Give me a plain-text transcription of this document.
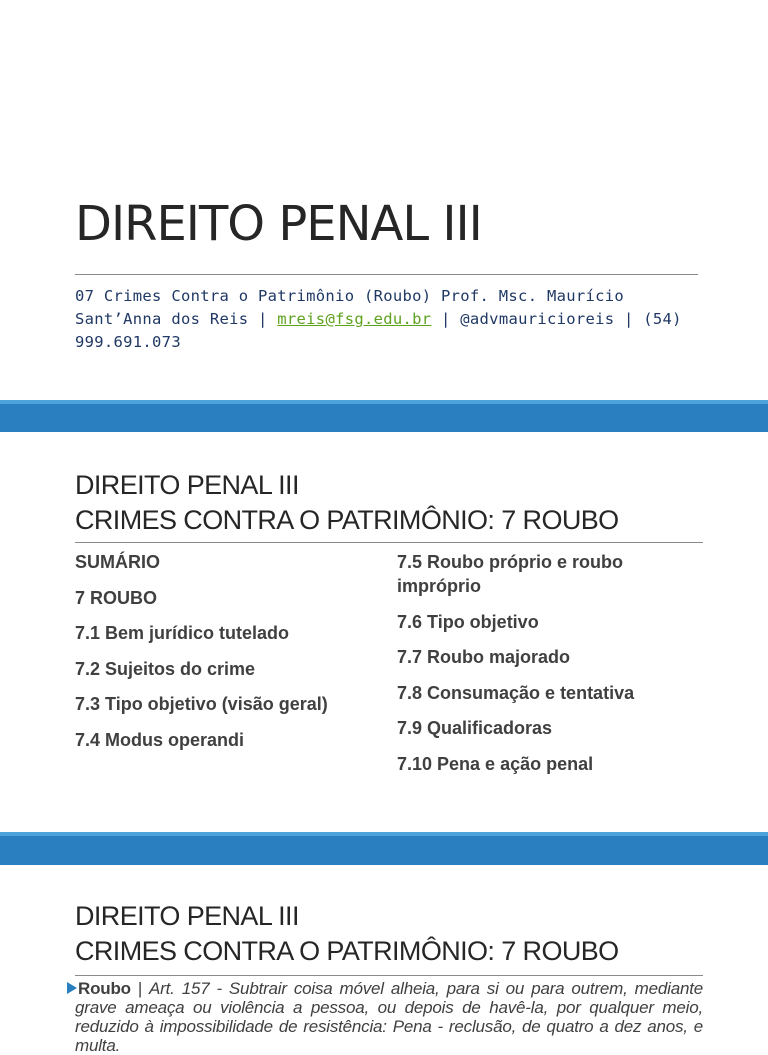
DIREITO PENAL III

07 Crimes Contra o Patrimônio (Roubo) Prof. Msc. Maurício Sant’Anna dos Reis | mreis@fsg.edu.br | @advmauricioreis | (54) 999.691.073

DIREITO PENAL III
CRIMES CONTRA O PATRIMÔNIO: 7 ROUBO
SUMÁRIO
7 ROUBO
7.1 Bem jurídico tutelado
7.2 Sujeitos do crime
7.3 Tipo objetivo (visão geral)
7.4 Modus operandi
7.5 Roubo próprio e roubo impróprio
7.6 Tipo objetivo
7.7 Roubo majorado
7.8 Consumação e tentativa
7.9 Qualificadoras
7.10 Pena e ação penal
DIREITO PENAL III
CRIMES CONTRA O PATRIMÔNIO: 7 ROUBO

Roubo | Art. 157 - Subtrair coisa móvel alheia, para si ou para outrem, mediante grave ameaça ou violência a pessoa, ou depois de havê-la, por qualquer meio, reduzido à impossibilidade de resistência: Pena - reclusão, de quatro a dez anos, e multa.
